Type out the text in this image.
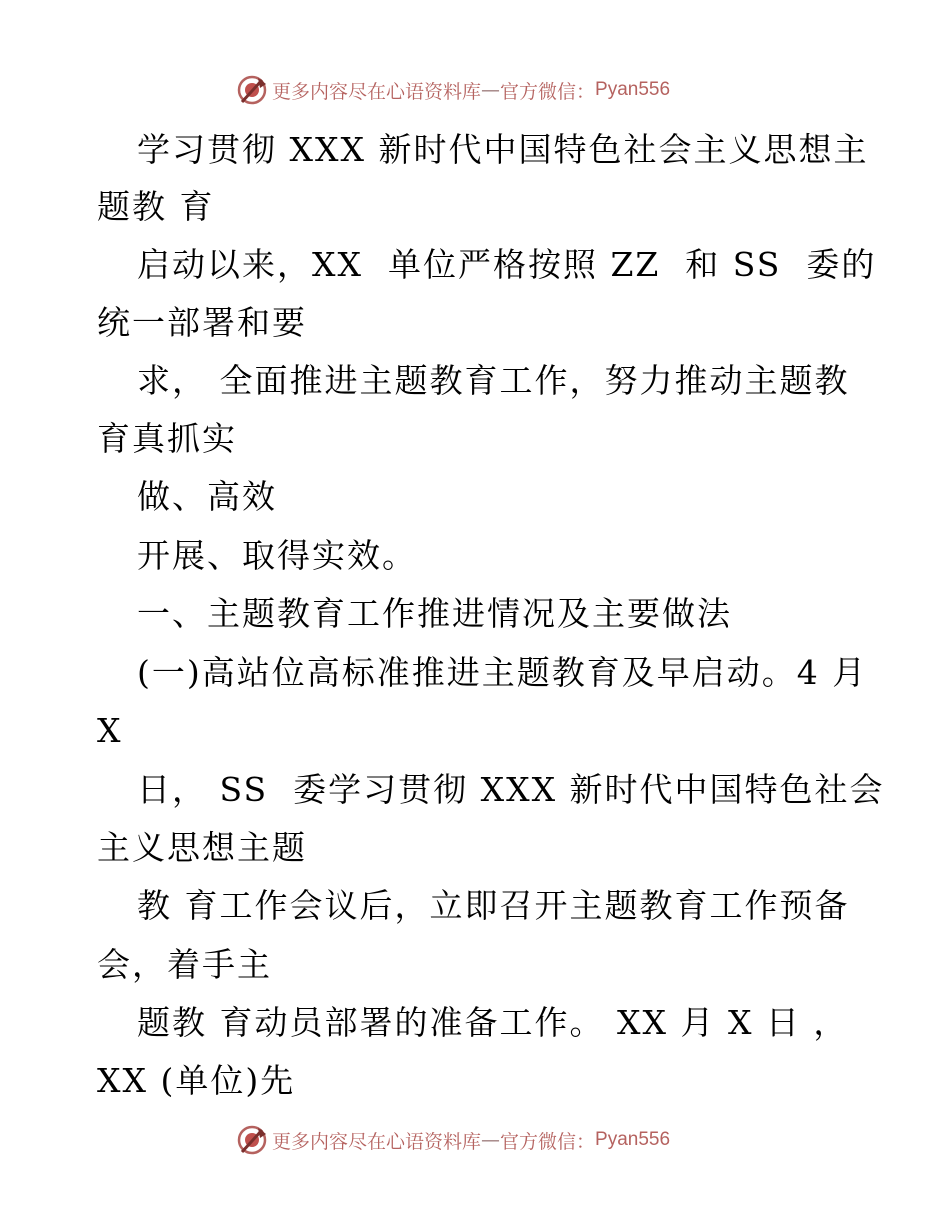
更多内容尽在心语资料库 — 官方微信： Pyan556
学习贯彻 XXX 新时代中国特色社会主义思想主
题教 育
启动以来，XX  单位严格按照 ZZ  和 SS  委的
统一部署和要
求， 全面推进主题教育工作，努力推动主题教
育真抓实
做、高效
开展、取得实效。
一、主题教育工作推进情况及主要做法
(一)高站位高标准推进主题教育及早启动。4 月
X
日， SS  委学习贯彻 XXX 新时代中国特色社会
主义思想主题
教 育工作会议后，立即召开主题教育工作预备
会，着手主
题教 育动员部署的准备工作。 XX 月 X 日 ，
XX (单位)先
更多内容尽在心语资料库 — 官方微信： Pyan556
